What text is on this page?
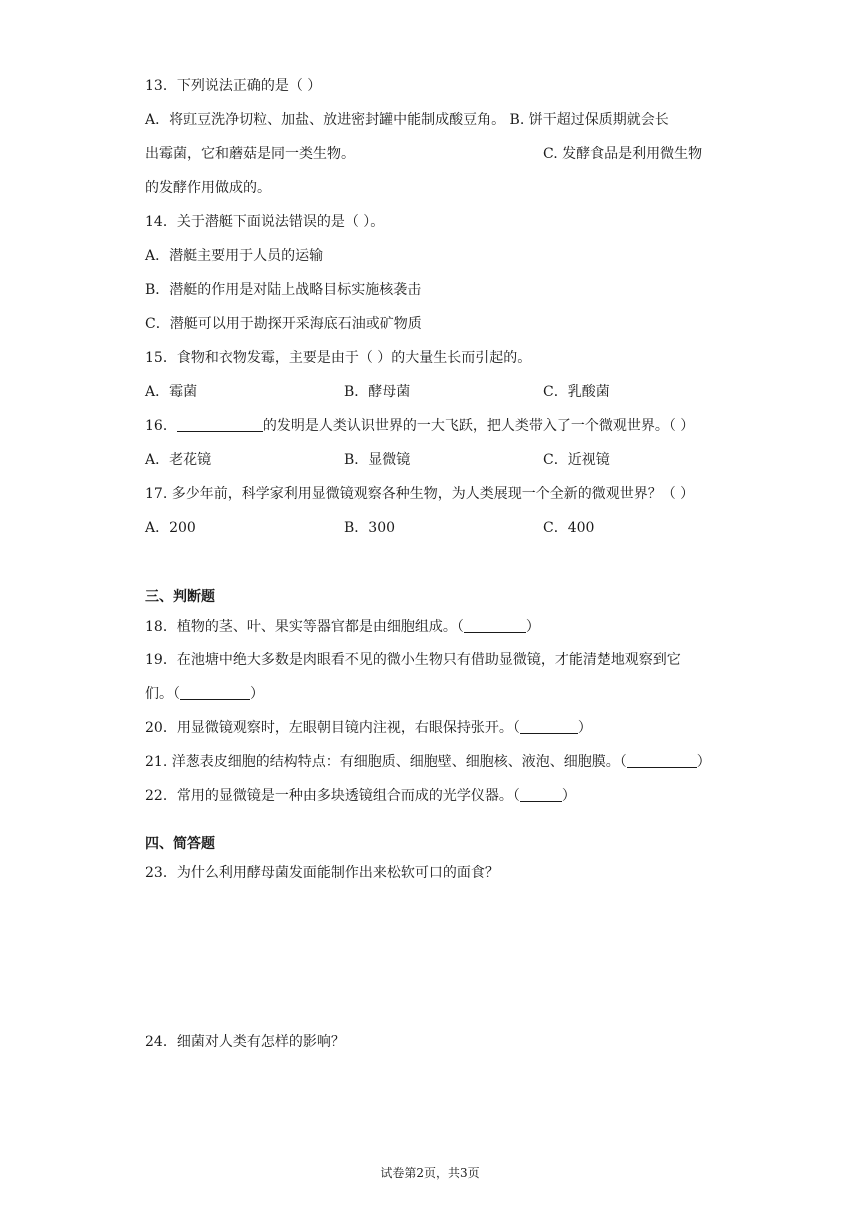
13．下列说法正确的是（ ）
A．将豇豆洗净切粒、加盐、放进密封罐中能制成酸豆角。 B. 饼干超过保质期就会长
出霉菌，它和蘑菇是同一类生物。	C. 发酵食品是利用微生物
的发酵作用做成的。
14．关于潜艇下面说法错误的是（ ）。
A．潜艇主要用于人员的运输
B．潜艇的作用是对陆上战略目标实施核袭击
C．潜艇可以用于勘探开采海底石油或矿物质
15．食物和衣物发霉，主要是由于（ ）的大量生长而引起的。
A．霉菌	B．酵母菌	C．乳酸菌
16．	的发明是人类认识世界的一大飞跃，把人类带入了一个微观世界。（ ）
A．老花镜	B．显微镜	C．近视镜
17. 多少年前，科学家利用显微镜观察各种生物，为人类展现一个全新的微观世界？（ ）
A．200	B．300	C．400
三、判断题
18．植物的茎、叶、果实等器官都是由细胞组成。（	）
19．在池塘中绝大多数是肉眼看不见的微小生物只有借助显微镜，才能清楚地观察到它
们。（	）
20．用显微镜观察时，左眼朝目镜内注视，右眼保持张开。（	）
21. 洋葱表皮细胞的结构特点：有细胞质、细胞壁、细胞核、液泡、细胞膜。（	）
22．常用的显微镜是一种由多块透镜组合而成的光学仪器。（	）
四、简答题
23．为什么利用酵母菌发面能制作出来松软可口的面食？
24．细菌对人类有怎样的影响？
试卷第2页，共3页
